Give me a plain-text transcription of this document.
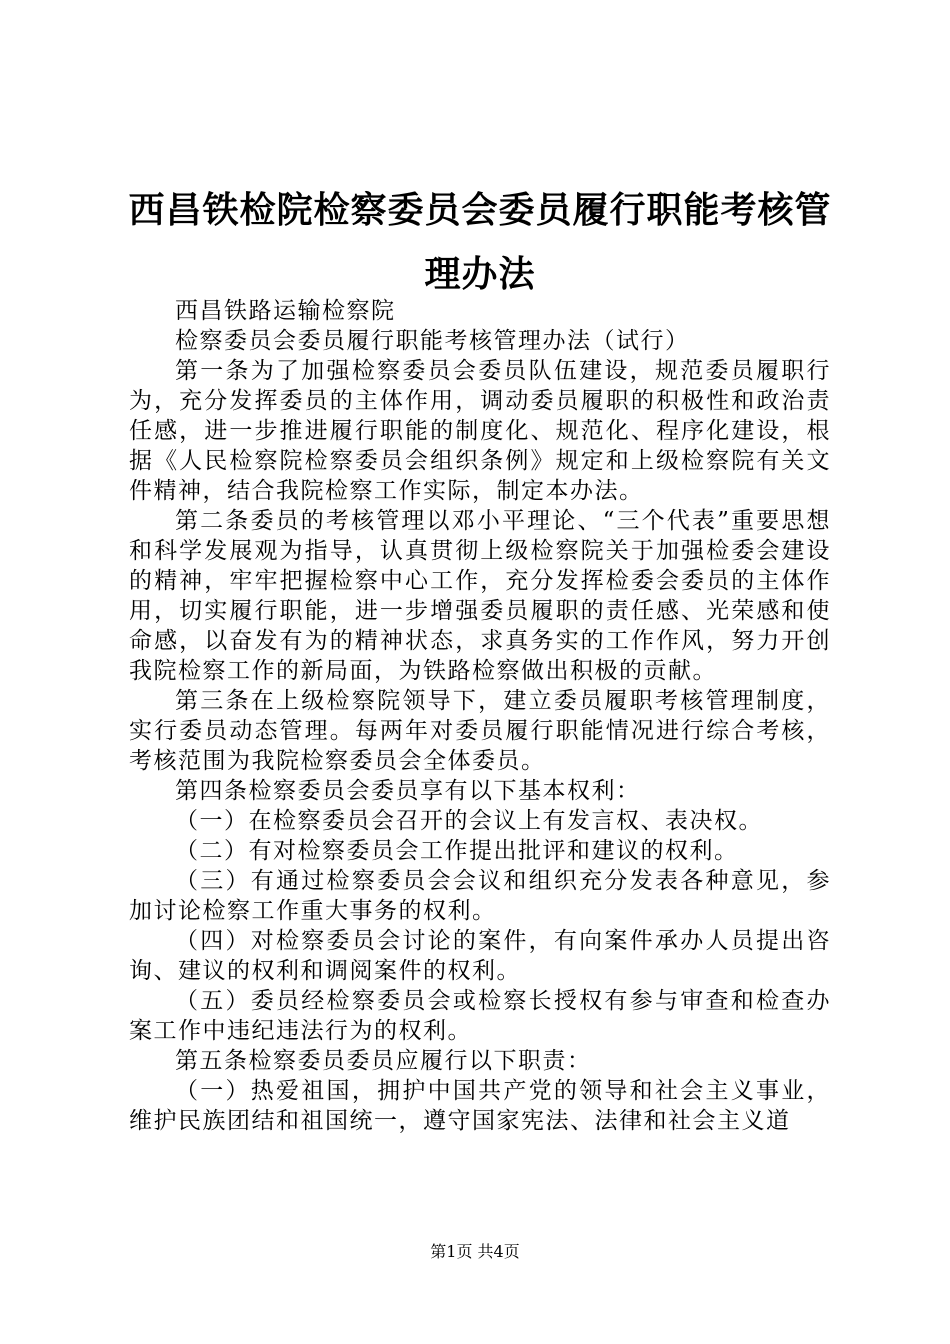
西昌铁检院检察委员会委员履行职能考核管理办法

西昌铁路运输检察院

检察委员会委员履行职能考核管理办法（试行）

第一条为了加强检察委员会委员队伍建设，规范委员履职行为，充分发挥委员的主体作用，调动委员履职的积极性和政治责任感，进一步推进履行职能的制度化、规范化、程序化建设，根据《人民检察院检察委员会组织条例》规定和上级检察院有关文件精神，结合我院检察工作实际，制定本办法。

第二条委员的考核管理以邓小平理论、“三个代表”重要思想和科学发展观为指导，认真贯彻上级检察院关于加强检委会建设的精神，牢牢把握检察中心工作，充分发挥检委会委员的主体作用，切实履行职能，进一步增强委员履职的责任感、光荣感和使命感，以奋发有为的精神状态，求真务实的工作作风，努力开创我院检察工作的新局面，为铁路检察做出积极的贡献。

第三条在上级检察院领导下，建立委员履职考核管理制度，实行委员动态管理。每两年对委员履行职能情况进行综合考核，考核范围为我院检察委员会全体委员。

第四条检察委员会委员享有以下基本权利：

（一）在检察委员会召开的会议上有发言权、表决权。

（二）有对检察委员会工作提出批评和建议的权利。

（三）有通过检察委员会会议和组织充分发表各种意见，参加讨论检察工作重大事务的权利。

（四）对检察委员会讨论的案件，有向案件承办人员提出咨询、建议的权利和调阅案件的权利。

（五）委员经检察委员会或检察长授权有参与审查和检查办案工作中违纪违法行为的权利。

第五条检察委员委员应履行以下职责：

（一）热爱祖国，拥护中国共产党的领导和社会主义事业，维护民族团结和祖国统一，遵守国家宪法、法律和社会主义道

第1页 共4页
